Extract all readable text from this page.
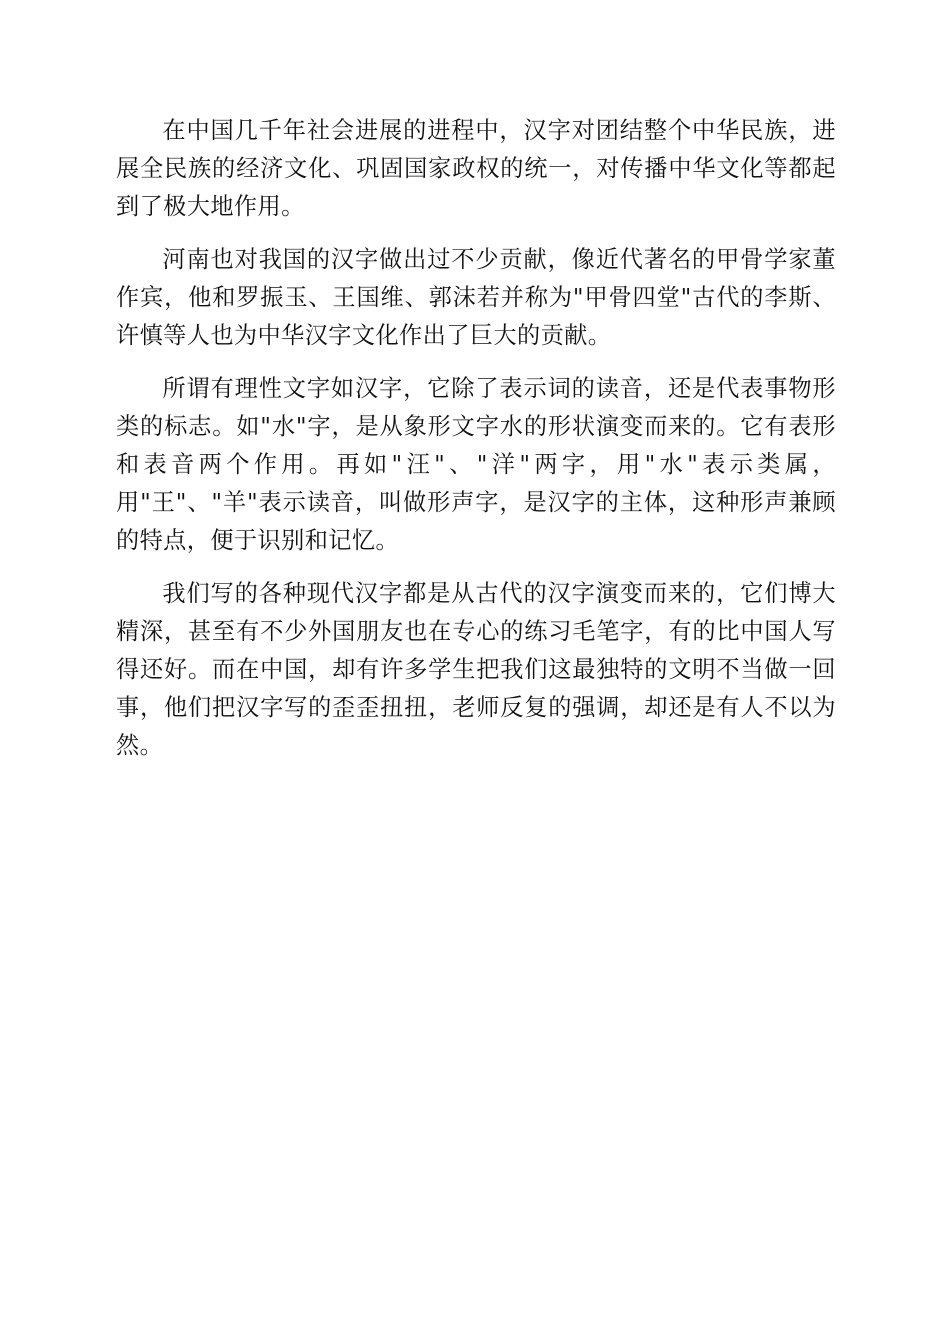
在中国几千年社会进展的进程中，汉字对团结整个中华民族，进展全民族的经济文化、巩固国家政权的统一，对传播中华文化等都起到了极大地作用。

河南也对我国的汉字做出过不少贡献，像近代著名的甲骨学家董作宾，他和罗振玉、王国维、郭沫若并称为"甲骨四堂"古代的李斯、许慎等人也为中华汉字文化作出了巨大的贡献。

所谓有理性文字如汉字，它除了表示词的读音，还是代表事物形类的标志。如"水"字，是从象形文字水的形状演变而来的。它有表形和表音两个作用。再如"汪"、"洋"两字，用"水"表示类属，用"王"、"羊"表示读音，叫做形声字，是汉字的主体，这种形声兼顾的特点，便于识别和记忆。

我们写的各种现代汉字都是从古代的汉字演变而来的，它们博大精深，甚至有不少外国朋友也在专心的练习毛笔字，有的比中国人写得还好。而在中国，却有许多学生把我们这最独特的文明不当做一回事，他们把汉字写的歪歪扭扭，老师反复的强调，却还是有人不以为然。
